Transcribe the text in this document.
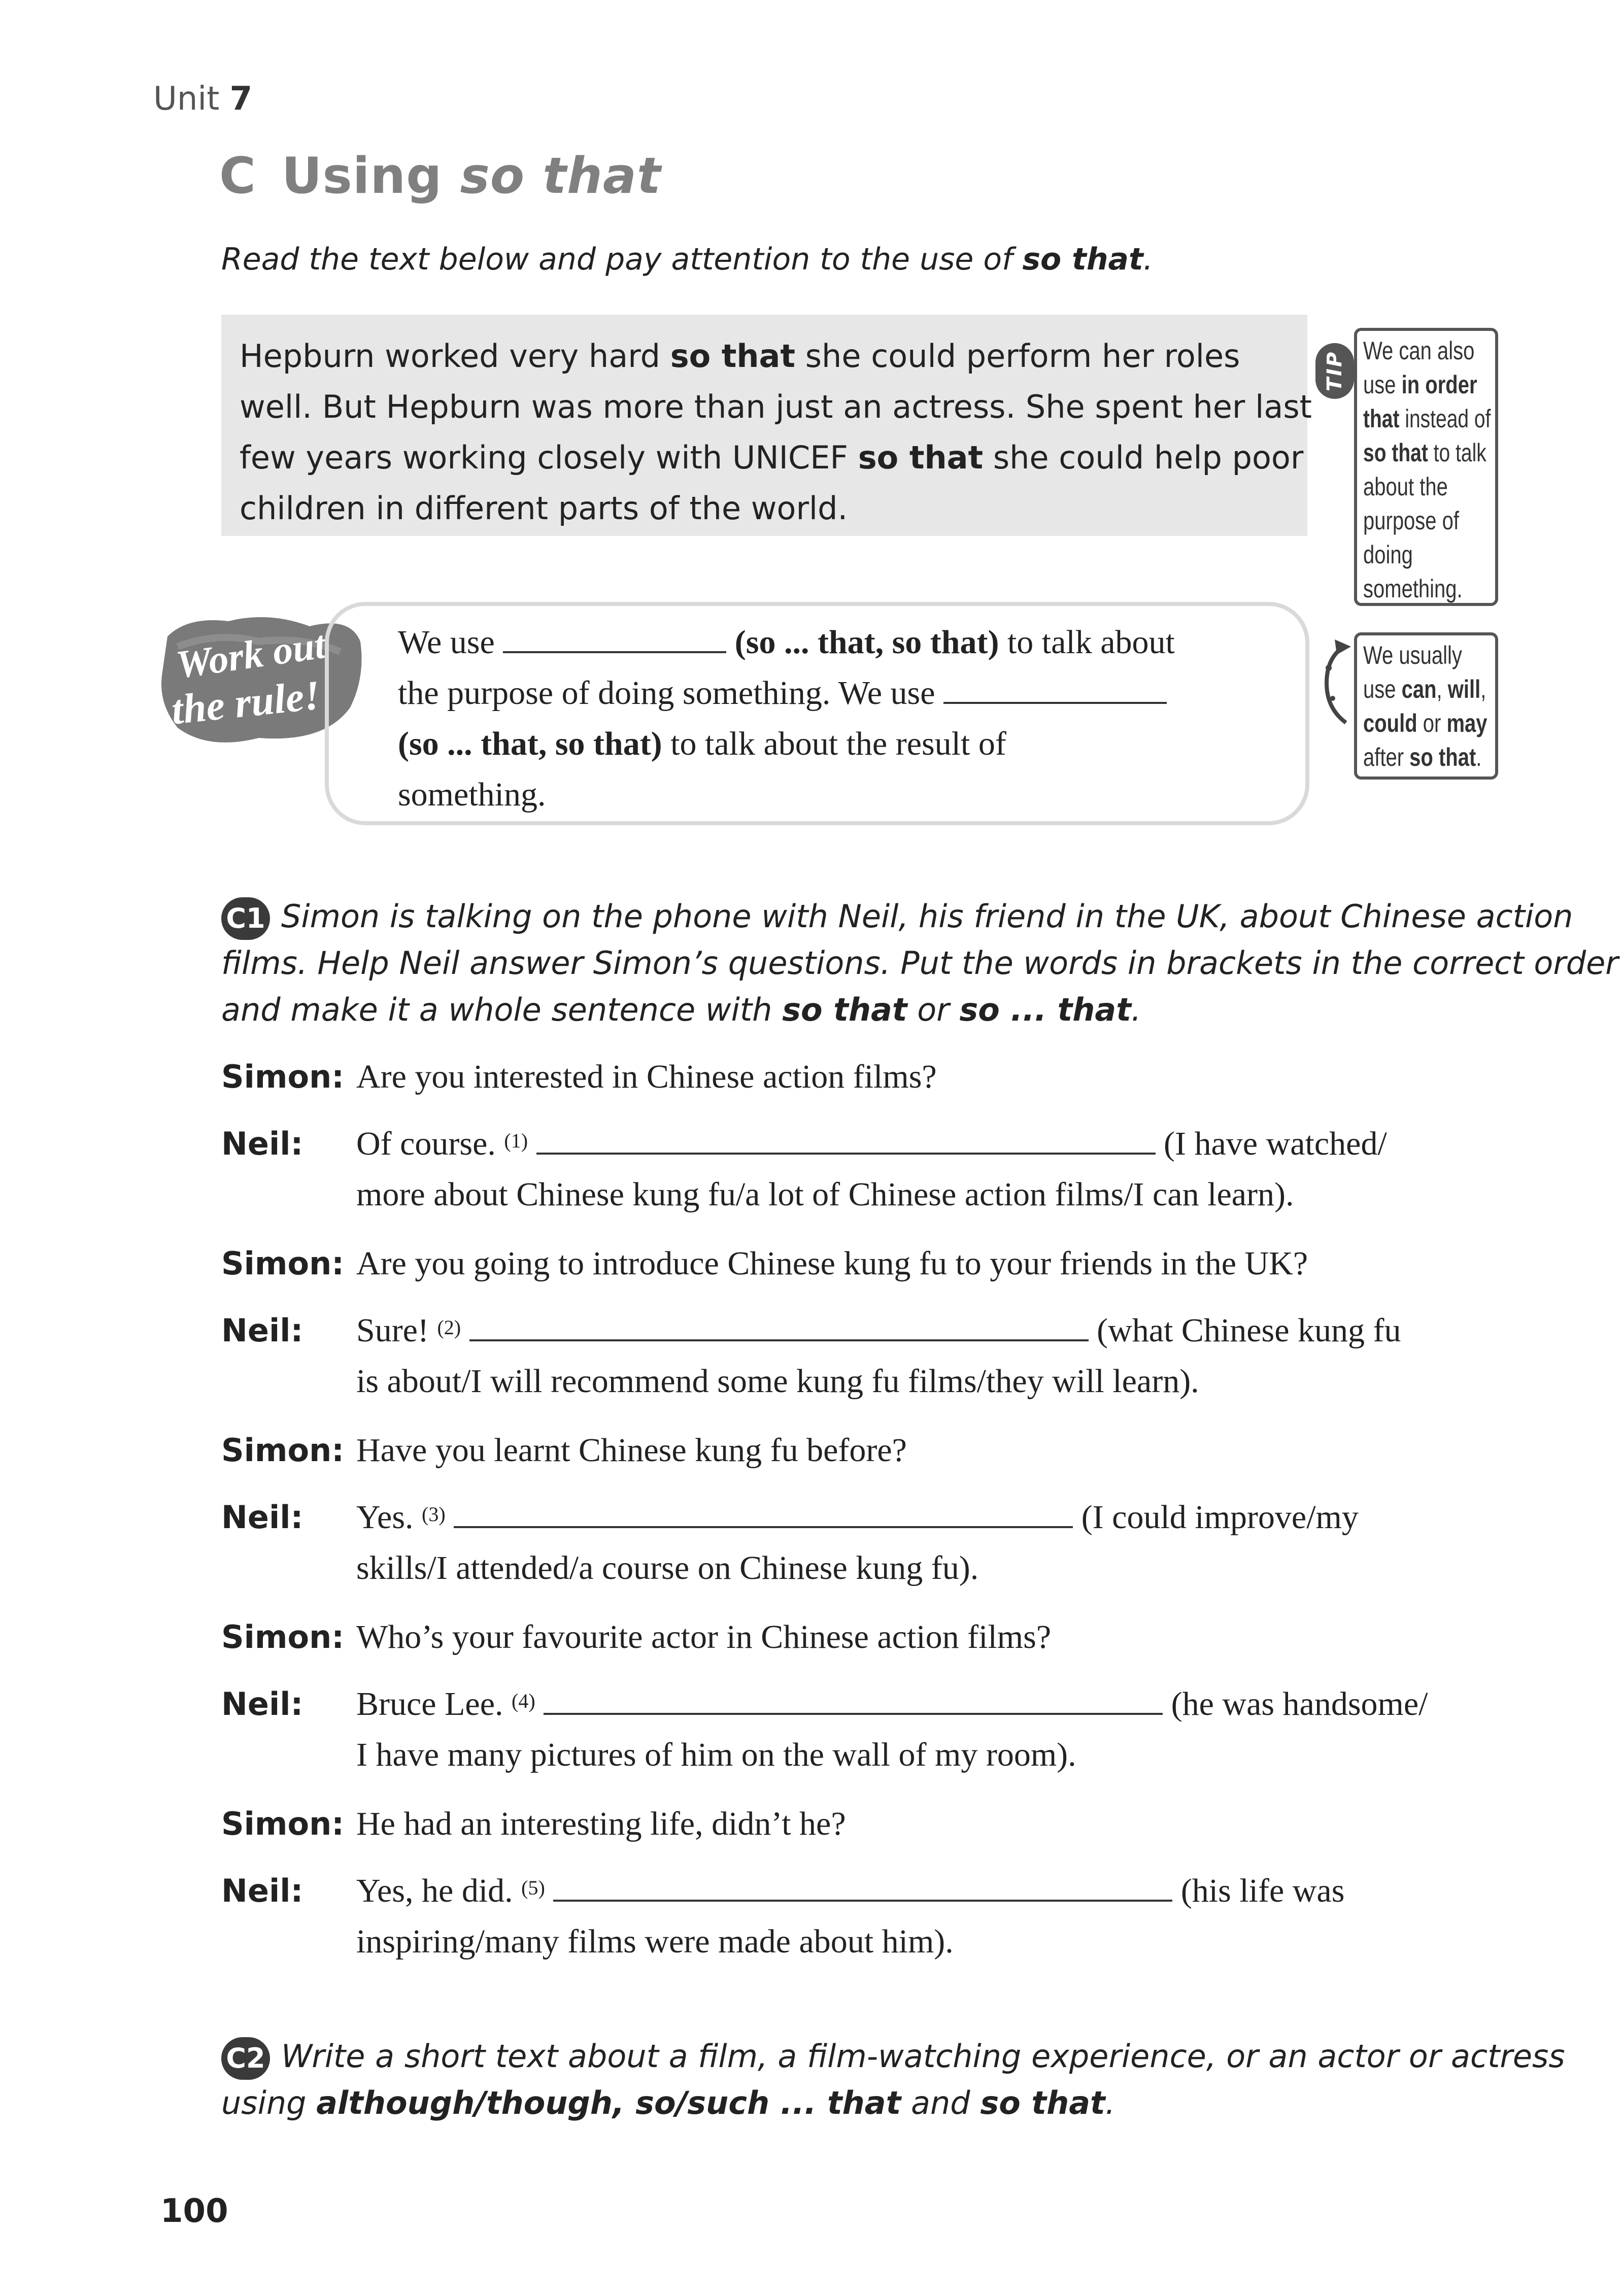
Unit 7
C Using so that
Read the text below and pay attention to the use of so that.
Hepburn worked very hard so that she could perform her roles
well. But Hepburn was more than just an actress. She spent her last
few years working closely with UNICEF so that she could help poor
children in different parts of the world.
TIP We can also
use in order
that instead of
so that to talk
about the
purpose of
doing
something.
We usually
use can, will,
could or may
after so that.
Work out
the rule!
We use	(so ... that, so that) to talk about
the purpose of doing something. We use
(so ... that, so that) to talk about the result of
something.
C1 Simon is talking on the phone with Neil, his friend in the UK, about Chinese action
films. Help Neil answer Simon’s questions. Put the words in brackets in the correct order
and make it a whole sentence with so that or so ... that.
Simon: Are you interested in Chinese action films?
Neil: Of course. $^{(1)}$	(I have watched/
more about Chinese kung fu/a lot of Chinese action films/I can learn).
Simon: Are you going to introduce Chinese kung fu to your friends in the UK?
Neil: Sure! $^{(2)}$	(what Chinese kung fu
is about/I will recommend some kung fu films/they will learn).
Simon: Have you learnt Chinese kung fu before?
Neil: Yes. $^{(3)}$	(I could improve/my
skills/I attended/a course on Chinese kung fu).
Simon: Who’s your favourite actor in Chinese action films?
Neil: Bruce Lee. $^{(4)}$	(he was handsome/
I have many pictures of him on the wall of my room).
Simon: He had an interesting life, didn’t he?
Neil: Yes, he did. $^{(5)}$	(his life was
inspiring/many films were made about him).
C2 Write a short text about a film, a film-watching experience, or an actor or actress
using although/though, so/such ... that and so that.
100
